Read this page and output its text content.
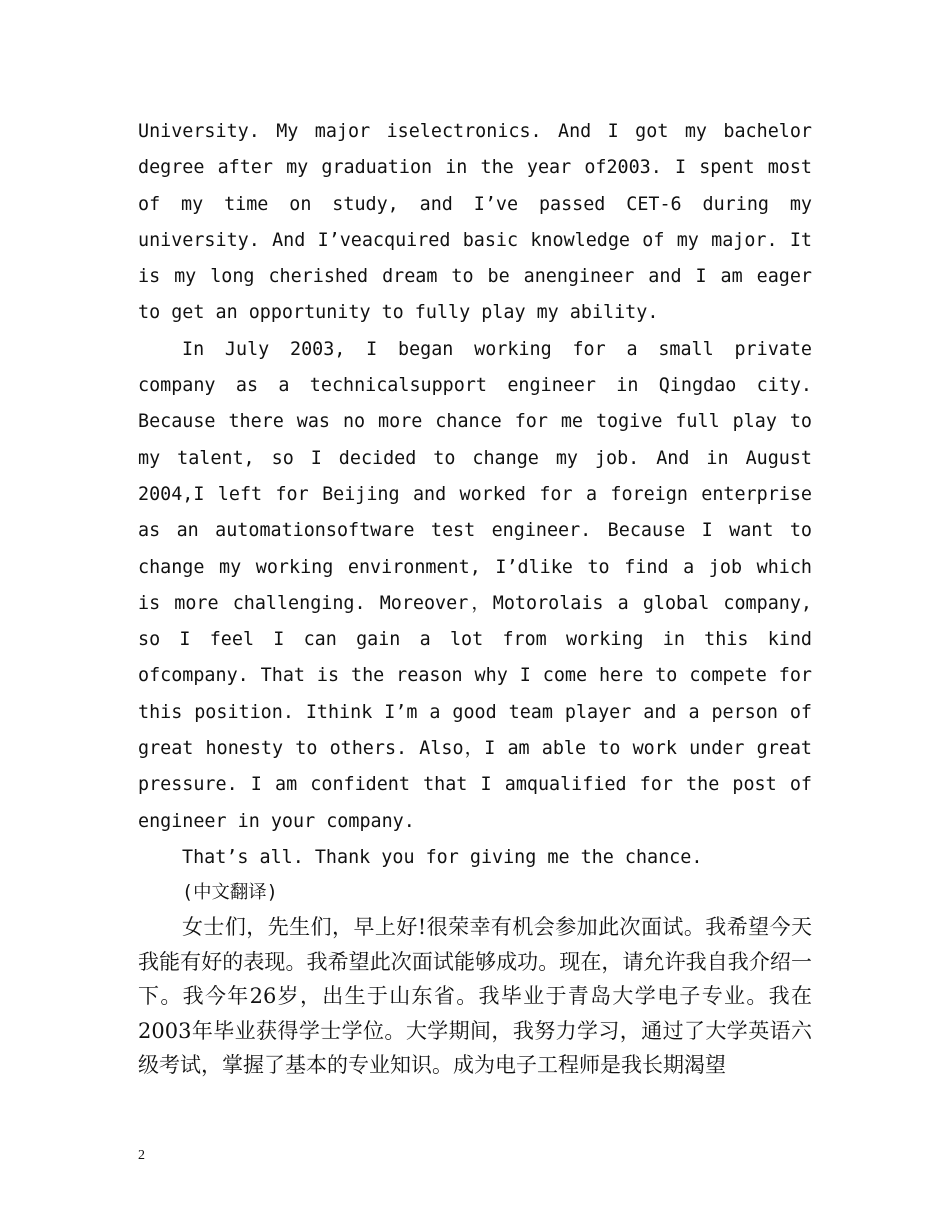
University. My major iselectronics. And I got my bachelor degree after my graduation in the year of2003. I spent most of my time on study, and I’ve passed CET-6 during my university. And I’veacquired basic knowledge of my major. It is my long cherished dream to be anengineer and I am eager to get an opportunity to fully play my ability.

In July 2003, I began working for a small private company as a technicalsupport engineer in Qingdao city. Because there was no more chance for me togive full play to my talent, so I decided to change my job. And in August 2004,I left for Beijing and worked for a foreign enterprise as an automationsoftware test engineer. Because I want to change my working environment, I’dlike to find a job which is more challenging. Moreover，Motorolais a global company, so I feel I can gain a lot from working in this kind ofcompany. That is the reason why I come here to compete for this position. Ithink I’m a good team player and a person of great honesty to others. Also，I am able to work under great pressure. I am confident that I amqualified for the post of engineer in your company.

That’s all. Thank you for giving me the chance.

(中文翻译)

女士们，先生们，早上好!很荣幸有机会参加此次面试。我希望今天我能有好的表现。我希望此次面试能够成功。现在，请允许我自我介绍一下。我今年26岁，出生于山东省。我毕业于青岛大学电子专业。我在2003年毕业获得学士学位。大学期间，我努力学习，通过了大学英语六级考试，掌握了基本的专业知识。成为电子工程师是我长期渴望

2
